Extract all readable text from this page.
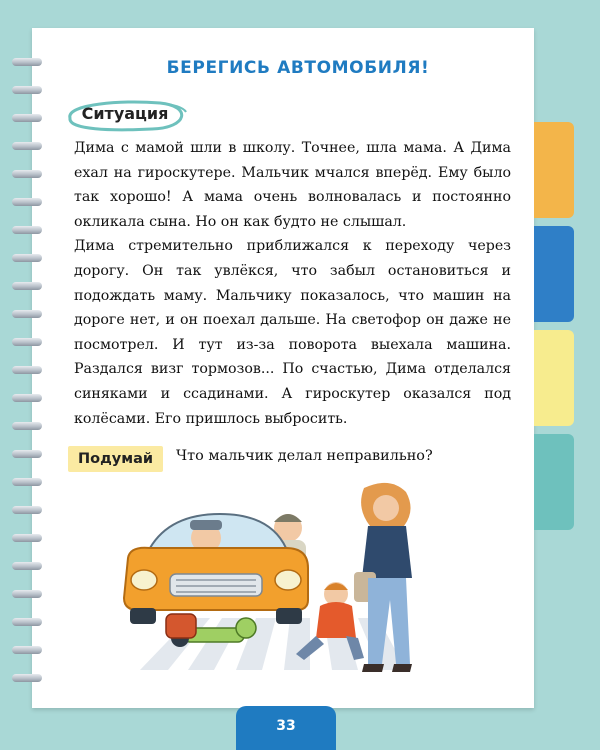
БЕРЕГИСЬ АВТОМОБИЛЯ!
Ситуация

Дима с мамой шли в школу. Точнее, шла мама. А Дима ехал на гироскутере. Мальчик мчался вперёд. Ему было так хорошо! А мама очень волновалась и постоянно окликала сына. Но он как будто не слышал.

Дима стремительно приближался к переходу через дорогу. Он так увлёкся, что забыл остановиться и подождать маму. Мальчику показалось, что машин на дороге нет, и он поехал дальше. На светофор он даже не посмотрел. И тут из-за поворота выехала машина. Раздался визг тормозов... По счастью, Дима отделался синяками и ссадинами. А гироскутер оказался под колёсами. Его пришлось выбросить.

Подумай	Что мальчик делал неправильно?
33
